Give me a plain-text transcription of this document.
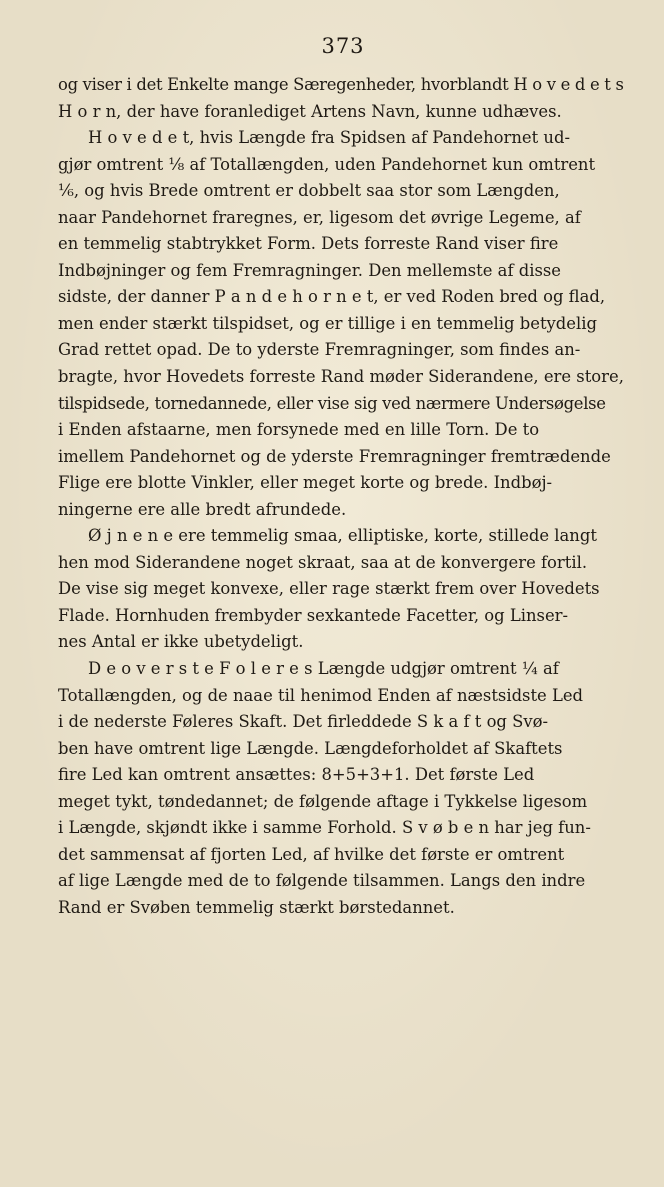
373
og viser i det Enkelte mange Særegenheder, hvorblandt H o v e d e t s
H o r n, der have foranlediget Artens Navn, kunne udhæves.
H o v e d e t, hvis Længde fra Spidsen af Pandehornet ud-
gjør omtrent ⅛ af Totallængden, uden Pandehornet kun omtrent
⅙, og hvis Brede omtrent er dobbelt saa stor som Længden,
naar Pandehornet fraregnes, er, ligesom det øvrige Legeme, af
en temmelig stabtrykket Form. Dets forreste Rand viser fire
Indbøjninger og fem Fremragninger. Den mellemste af disse
sidste, der danner P a n d e h o r n e t, er ved Roden bred og flad,
men ender stærkt tilspidset, og er tillige i en temmelig betydelig
Grad rettet opad. De to yderste Fremragninger, som findes an-
bragte, hvor Hovedets forreste Rand møder Siderandene, ere store,
tilspidsede, tornedannede, eller vise sig ved nærmere Undersøgelse
i Enden afstaarne, men forsynede med en lille Torn. De to
imellem Pandehornet og de yderste Fremragninger fremtrædende
Flige ere blotte Vinkler, eller meget korte og brede. Indbøj-
ningerne ere alle bredt afrundede.
Ø j n e n e ere temmelig smaa, elliptiske, korte, stillede langt
hen mod Siderandene noget skraat, saa at de konvergere fortil.
De vise sig meget konvexe, eller rage stærkt frem over Hovedets
Flade. Hornhuden frembyder sexkantede Facetter, og Linser-
nes Antal er ikke ubetydeligt.
D e o v e r s t e F o l e r e s Længde udgjør omtrent ¼ af
Totallængden, og de naae til henimod Enden af næstsidste Led
i de nederste Føleres Skaft. Det firleddede S k a f t og Svø-
ben have omtrent lige Længde. Længdeforholdet af Skaftets
fire Led kan omtrent ansættes: 8+5+3+1. Det første Led
meget tykt, tøndedannet; de følgende aftage i Tykkelse ligesom
i Længde, skjøndt ikke i samme Forhold. S v ø b e n har jeg fun-
det sammensat af fjorten Led, af hvilke det første er omtrent
af lige Længde med de to følgende tilsammen. Langs den indre
Rand er Svøben temmelig stærkt børstedannet.
